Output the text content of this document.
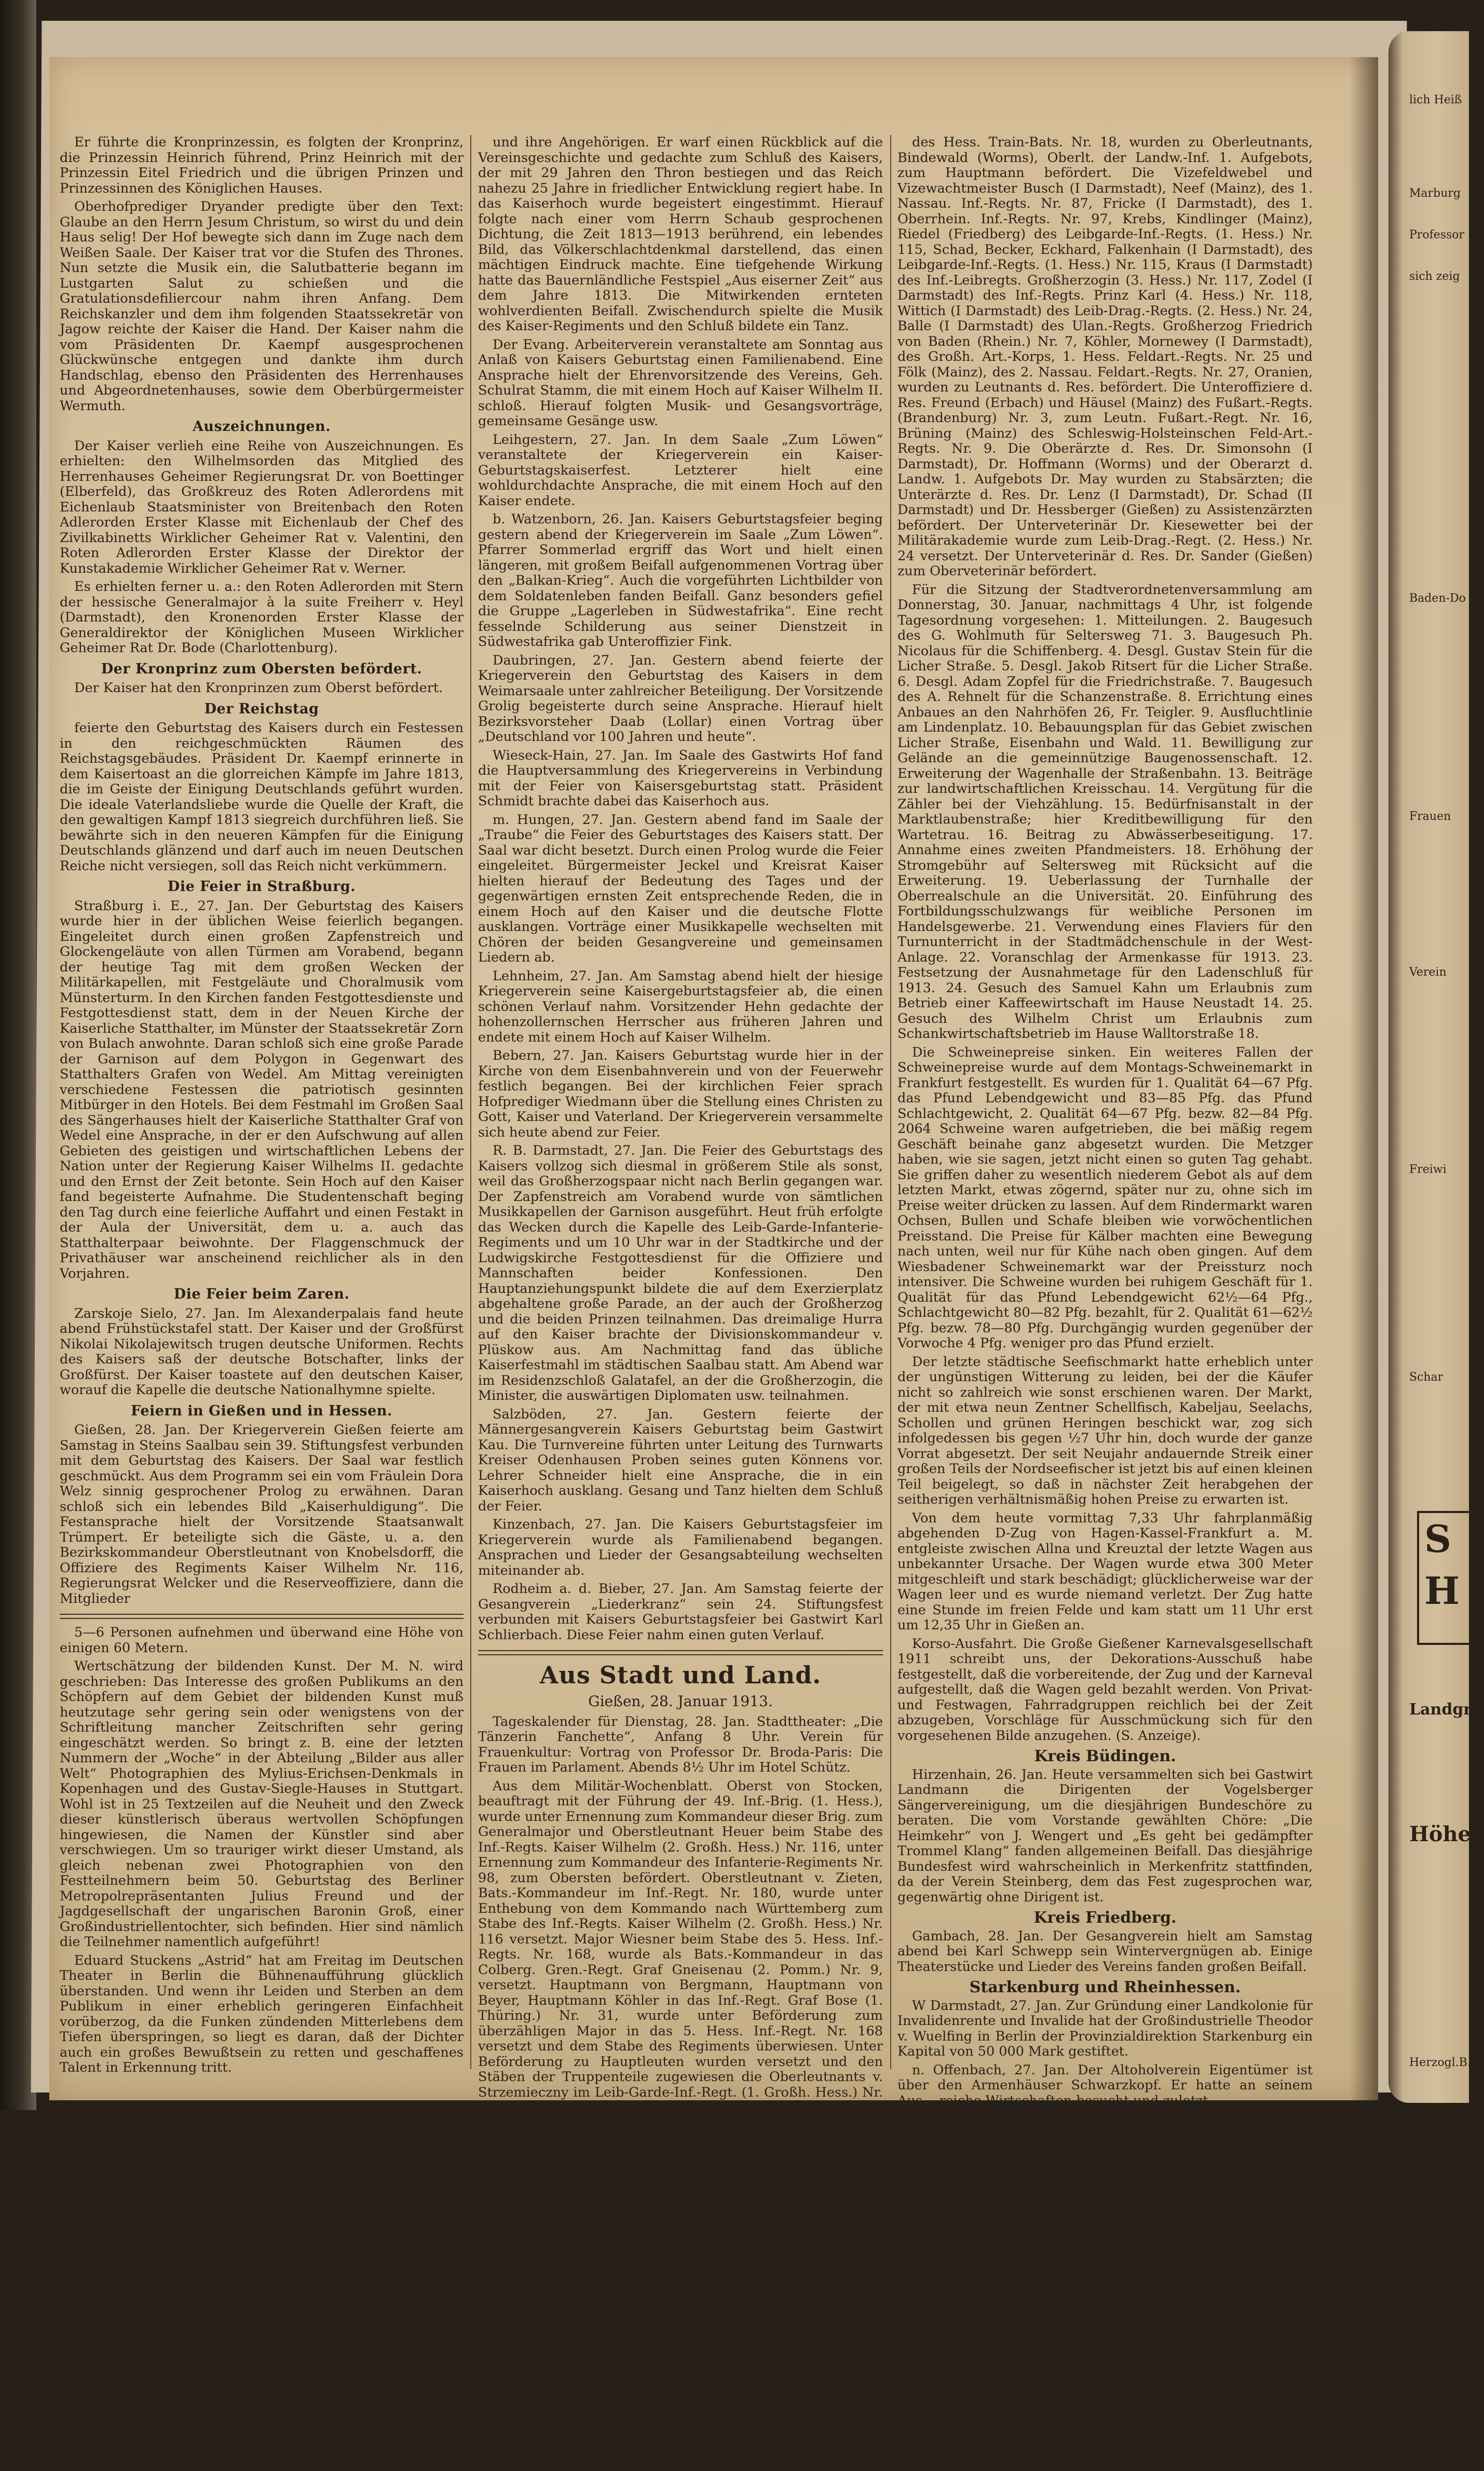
Er führte die Kronprinzessin, es folgten der Kronprinz, die Prinzessin Heinrich führend, Prinz Heinrich mit der Prinzessin Eitel Friedrich und die übrigen Prinzen und Prinzessinnen des Königlichen Hauses.

Oberhofprediger Dryander predigte über den Text: Glaube an den Herrn Jesum Christum, so wirst du und dein Haus selig! Der Hof bewegte sich dann im Zuge nach dem Weißen Saale. Der Kaiser trat vor die Stufen des Thrones. Nun setzte die Musik ein, die Salutbatterie begann im Lustgarten Salut zu schießen und die Gratulationsdefiliercour nahm ihren Anfang. Dem Reichskanzler und dem ihm folgenden Staatssekretär von Jagow reichte der Kaiser die Hand. Der Kaiser nahm die vom Präsidenten Dr. Kaempf ausgesprochenen Glückwünsche entgegen und dankte ihm durch Handschlag, ebenso den Präsidenten des Herrenhauses und Abgeordnetenhauses, sowie dem Oberbürgermeister Wermuth.

Auszeichnungen.

Der Kaiser verlieh eine Reihe von Auszeichnungen. Es erhielten: den Wilhelmsorden das Mitglied des Herrenhauses Geheimer Regierungsrat Dr. von Boettinger (Elberfeld), das Großkreuz des Roten Adlerordens mit Eichenlaub Staatsminister von Breitenbach den Roten Adlerorden Erster Klasse mit Eichenlaub der Chef des Zivilkabinetts Wirklicher Geheimer Rat v. Valentini, den Roten Adlerorden Erster Klasse der Direktor der Kunstakademie Wirklicher Geheimer Rat v. Werner.

Es erhielten ferner u. a.: den Roten Adlerorden mit Stern der hessische Generalmajor à la suite Freiherr v. Heyl (Darmstadt), den Kronenorden Erster Klasse der Generaldirektor der Königlichen Museen Wirklicher Geheimer Rat Dr. Bode (Charlottenburg).

Der Kronprinz zum Obersten befördert.

Der Kaiser hat den Kronprinzen zum Oberst befördert.

Der Reichstag

feierte den Geburtstag des Kaisers durch ein Festessen in den reichgeschmückten Räumen des Reichstagsgebäudes. Präsident Dr. Kaempf erinnerte in dem Kaisertoast an die glorreichen Kämpfe im Jahre 1813, die im Geiste der Einigung Deutschlands geführt wurden. Die ideale Vaterlandsliebe wurde die Quelle der Kraft, die den gewaltigen Kampf 1813 siegreich durchführen ließ. Sie bewährte sich in den neueren Kämpfen für die Einigung Deutschlands glänzend und darf auch im neuen Deutschen Reiche nicht versiegen, soll das Reich nicht verkümmern.

Die Feier in Straßburg.

Straßburg i. E., 27. Jan. Der Geburtstag des Kaisers wurde hier in der üblichen Weise feierlich begangen. Eingeleitet durch einen großen Zapfenstreich und Glockengeläute von allen Türmen am Vorabend, begann der heutige Tag mit dem großen Wecken der Militärkapellen, mit Festgeläute und Choralmusik vom Münsterturm. In den Kirchen fanden Festgottesdienste und Festgottesdienst statt, dem in der Neuen Kirche der Kaiserliche Statthalter, im Münster der Staatssekretär Zorn von Bulach anwohnte. Daran schloß sich eine große Parade der Garnison auf dem Polygon in Gegenwart des Statthalters Grafen von Wedel. Am Mittag vereinigten verschiedene Festessen die patriotisch gesinnten Mitbürger in den Hotels. Bei dem Festmahl im Großen Saal des Sängerhauses hielt der Kaiserliche Statthalter Graf von Wedel eine Ansprache, in der er den Aufschwung auf allen Gebieten des geistigen und wirtschaftlichen Lebens der Nation unter der Regierung Kaiser Wilhelms II. gedachte und den Ernst der Zeit betonte. Sein Hoch auf den Kaiser fand begeisterte Aufnahme. Die Studentenschaft beging den Tag durch eine feierliche Auffahrt und einen Festakt in der Aula der Universität, dem u. a. auch das Statthalterpaar beiwohnte. Der Flaggenschmuck der Privathäuser war anscheinend reichlicher als in den Vorjahren.

Die Feier beim Zaren.

Zarskoje Sielo, 27. Jan. Im Alexanderpalais fand heute abend Frühstückstafel statt. Der Kaiser und der Großfürst Nikolai Nikolajewitsch trugen deutsche Uniformen. Rechts des Kaisers saß der deutsche Botschafter, links der Großfürst. Der Kaiser toastete auf den deutschen Kaiser, worauf die Kapelle die deutsche Nationalhymne spielte.

Feiern in Gießen und in Hessen.

Gießen, 28. Jan. Der Kriegerverein Gießen feierte am Samstag in Steins Saalbau sein 39. Stiftungsfest verbunden mit dem Geburtstag des Kaisers. Der Saal war festlich geschmückt. Aus dem Programm sei ein vom Fräulein Dora Welz sinnig gesprochener Prolog zu erwähnen. Daran schloß sich ein lebendes Bild „Kaiserhuldigung“. Die Festansprache hielt der Vorsitzende Staatsanwalt Trümpert. Er beteiligte sich die Gäste, u. a. den Bezirkskommandeur Oberstleutnant von Knobelsdorff, die Offiziere des Regiments Kaiser Wilhelm Nr. 116, Regierungsrat Welcker und die Reserveoffiziere, dann die Mitglieder

5—6 Personen aufnehmen und überwand eine Höhe von einigen 60 Metern.

Wertschätzung der bildenden Kunst. Der M. N. wird geschrieben: Das Interesse des großen Publikums an den Schöpfern auf dem Gebiet der bildenden Kunst muß heutzutage sehr gering sein oder wenigstens von der Schriftleitung mancher Zeitschriften sehr gering eingeschätzt werden. So bringt z. B. eine der letzten Nummern der „Woche“ in der Abteilung „Bilder aus aller Welt“ Photographien des Mylius-Erichsen-Denkmals in Kopenhagen und des Gustav-Siegle-Hauses in Stuttgart. Wohl ist in 25 Textzeilen auf die Neuheit und den Zweck dieser künstlerisch überaus wertvollen Schöpfungen hingewiesen, die Namen der Künstler sind aber verschwiegen. Um so trauriger wirkt dieser Umstand, als gleich nebenan zwei Photographien von den Festteilnehmern beim 50. Geburtstag des Berliner Metropolrepräsentanten Julius Freund und der Jagdgesellschaft der ungarischen Baronin Groß, einer Großindustriellentochter, sich befinden. Hier sind nämlich die Teilnehmer namentlich aufgeführt!

Eduard Stuckens „Astrid“ hat am Freitag im Deutschen Theater in Berlin die Bühnenaufführung glücklich überstanden. Und wenn ihr Leiden und Sterben an dem Publikum in einer erheblich geringeren Einfachheit vorüberzog, da die Funken zündenden Mitterlebens dem Tiefen überspringen, so liegt es daran, daß der Dichter auch ein großes Bewußtsein zu retten und geschaffenes Talent in Erkennung tritt.

und ihre Angehörigen. Er warf einen Rückblick auf die Vereinsgeschichte und gedachte zum Schluß des Kaisers, der mit 29 Jahren den Thron bestiegen und das Reich nahezu 25 Jahre in friedlicher Entwicklung regiert habe. In das Kaiserhoch wurde begeistert eingestimmt. Hierauf folgte nach einer vom Herrn Schaub gesprochenen Dichtung, die Zeit 1813—1913 berührend, ein lebendes Bild, das Völkerschlachtdenkmal darstellend, das einen mächtigen Eindruck machte. Eine tiefgehende Wirkung hatte das Bauernländliche Festspiel „Aus eiserner Zeit“ aus dem Jahre 1813. Die Mitwirkenden ernteten wohlverdienten Beifall. Zwischendurch spielte die Musik des Kaiser-Regiments und den Schluß bildete ein Tanz.

Der Evang. Arbeiterverein veranstaltete am Sonntag aus Anlaß von Kaisers Geburtstag einen Familienabend. Eine Ansprache hielt der Ehrenvorsitzende des Vereins, Geh. Schulrat Stamm, die mit einem Hoch auf Kaiser Wilhelm II. schloß. Hierauf folgten Musik- und Gesangsvorträge, gemeinsame Gesänge usw.

Leihgestern, 27. Jan. In dem Saale „Zum Löwen“ veranstaltete der Kriegerverein ein Kaiser-Geburtstagskaiserfest. Letzterer hielt eine wohldurchdachte Ansprache, die mit einem Hoch auf den Kaiser endete.

b. Watzenborn, 26. Jan. Kaisers Geburtstagsfeier beging gestern abend der Kriegerverein im Saale „Zum Löwen“. Pfarrer Sommerlad ergriff das Wort und hielt einen längeren, mit großem Beifall aufgenommenen Vortrag über den „Balkan-Krieg“. Auch die vorgeführten Lichtbilder von dem Soldatenleben fanden Beifall. Ganz besonders gefiel die Gruppe „Lagerleben in Südwestafrika“. Eine recht fesselnde Schilderung aus seiner Dienstzeit in Südwestafrika gab Unteroffizier Fink.

Daubringen, 27. Jan. Gestern abend feierte der Kriegerverein den Geburtstag des Kaisers in dem Weimarsaale unter zahlreicher Beteiligung. Der Vorsitzende Grolig begeisterte durch seine Ansprache. Hierauf hielt Bezirksvorsteher Daab (Lollar) einen Vortrag über „Deutschland vor 100 Jahren und heute“.

Wieseck-Hain, 27. Jan. Im Saale des Gastwirts Hof fand die Hauptversammlung des Kriegervereins in Verbindung mit der Feier von Kaisersgeburtstag statt. Präsident Schmidt brachte dabei das Kaiserhoch aus.

m. Hungen, 27. Jan. Gestern abend fand im Saale der „Traube“ die Feier des Geburtstages des Kaisers statt. Der Saal war dicht besetzt. Durch einen Prolog wurde die Feier eingeleitet. Bürgermeister Jeckel und Kreisrat Kaiser hielten hierauf der Bedeutung des Tages und der gegenwärtigen ernsten Zeit entsprechende Reden, die in einem Hoch auf den Kaiser und die deutsche Flotte ausklangen. Vorträge einer Musikkapelle wechselten mit Chören der beiden Gesangvereine und gemeinsamen Liedern ab.

Lehnheim, 27. Jan. Am Samstag abend hielt der hiesige Kriegerverein seine Kaisergeburtstagsfeier ab, die einen schönen Verlauf nahm. Vorsitzender Hehn gedachte der hohenzollernschen Herrscher aus früheren Jahren und endete mit einem Hoch auf Kaiser Wilhelm.

Bebern, 27. Jan. Kaisers Geburtstag wurde hier in der Kirche von dem Eisenbahnverein und von der Feuerwehr festlich begangen. Bei der kirchlichen Feier sprach Hofprediger Wiedmann über die Stellung eines Christen zu Gott, Kaiser und Vaterland. Der Kriegerverein versammelte sich heute abend zur Feier.

R. B. Darmstadt, 27. Jan. Die Feier des Geburtstags des Kaisers vollzog sich diesmal in größerem Stile als sonst, weil das Großherzogspaar nicht nach Berlin gegangen war. Der Zapfenstreich am Vorabend wurde von sämtlichen Musikkapellen der Garnison ausgeführt. Heut früh erfolgte das Wecken durch die Kapelle des Leib-Garde-Infanterie-Regiments und um 10 Uhr war in der Stadtkirche und der Ludwigskirche Festgottesdienst für die Offiziere und Mannschaften beider Konfessionen. Den Hauptanziehungspunkt bildete die auf dem Exerzierplatz abgehaltene große Parade, an der auch der Großherzog und die beiden Prinzen teilnahmen. Das dreimalige Hurra auf den Kaiser brachte der Divisionskommandeur v. Plüskow aus. Am Nachmittag fand das übliche Kaiserfestmahl im städtischen Saalbau statt. Am Abend war im Residenzschloß Galatafel, an der die Großherzogin, die Minister, die auswärtigen Diplomaten usw. teilnahmen.

Salzböden, 27. Jan. Gestern feierte der Männergesangverein Kaisers Geburtstag beim Gastwirt Kau. Die Turnvereine führten unter Leitung des Turnwarts Kreiser Odenhausen Proben seines guten Könnens vor. Lehrer Schneider hielt eine Ansprache, die in ein Kaiserhoch ausklang. Gesang und Tanz hielten dem Schluß der Feier.

Kinzenbach, 27. Jan. Die Kaisers Geburtstagsfeier im Kriegerverein wurde als Familienabend begangen. Ansprachen und Lieder der Gesangsabteilung wechselten miteinander ab.

Rodheim a. d. Bieber, 27. Jan. Am Samstag feierte der Gesangverein „Liederkranz“ sein 24. Stiftungsfest verbunden mit Kaisers Geburtstagsfeier bei Gastwirt Karl Schlierbach. Diese Feier nahm einen guten Verlauf.

Aus Stadt und Land.
Gießen, 28. Januar 1913.

Tageskalender für Dienstag, 28. Jan. Stadttheater: „Die Tänzerin Fanchette“, Anfang 8 Uhr. Verein für Frauenkultur: Vortrag von Professor Dr. Broda-Paris: Die Frauen im Parlament. Abends 8½ Uhr im Hotel Schütz.

Aus dem Militär-Wochenblatt. Oberst von Stocken, beauftragt mit der Führung der 49. Inf.-Brig. (1. Hess.), wurde unter Ernennung zum Kommandeur dieser Brig. zum Generalmajor und Oberstleutnant Heuer beim Stabe des Inf.-Regts. Kaiser Wilhelm (2. Großh. Hess.) Nr. 116, unter Ernennung zum Kommandeur des Infanterie-Regiments Nr. 98, zum Obersten befördert. Oberstleutnant v. Zieten, Bats.-Kommandeur im Inf.-Regt. Nr. 180, wurde unter Enthebung von dem Kommando nach Württemberg zum Stabe des Inf.-Regts. Kaiser Wilhelm (2. Großh. Hess.) Nr. 116 versetzt. Major Wiesner beim Stabe des 5. Hess. Inf.-Regts. Nr. 168, wurde als Bats.-Kommandeur in das Colberg. Gren.-Regt. Graf Gneisenau (2. Pomm.) Nr. 9, versetzt. Hauptmann von Bergmann, Hauptmann von Beyer, Hauptmann Köhler in das Inf.-Regt. Graf Bose (1. Thüring.) Nr. 31, wurde unter Beförderung zum überzähligen Major in das 5. Hess. Inf.-Regt. Nr. 168 versetzt und dem Stabe des Regiments überwiesen. Unter Beförderung zu Hauptleuten wurden versetzt und den Stäben der Truppenteile zugewiesen die Oberleutnants v. Strzemieczny im Leib-Garde-Inf.-Regt. (1. Großh. Hess.) Nr. 115, in das 6. Unter-Elsäss. Inf.-Regt. Nr. 143, Beckert im Inf.-Regt. Prinz Carl (4. Großh. Hess.) Nr. 118, in das 2. Lothring. Inf.-Regt. Nr. 131. Leutnant von Rode im Inf.-Leibregt. Großherzogin (3. Großh. Hess.) Nr. 117, wurde in das Leibgarde-Inf.-Regt. Nr. 115 versetzt.

Heinrich Nr. 116, Kommando zur Dienstleistung beim Reichs-Kolonialamt, wurde zum überzähligen Hauptmann befördert. Die Fähnriche Brandholz im Inf.-Regt. Prinz Carl (4. Großh. Hess.) Nr. 118, dieser unter Versetzung in das 5. Rhein. Inf.-Regt. Nr. 65, und Gauch im Inf.-Regt. Prinz Carl (4. Großh. Hess.) Nr. 118, wurden zu Leutnants mit Patent vom 29. Januar 1911, die Fähnriche Büttner im Inf.-Regt. Prinz Carl (4. Großh. Hess.) Nr. 118, Storch im Garde-Drag.-Regt. (1. Großh. Hess.) Nr. 23 zu Leutnants und Unteroffizier Dreil im Inf.-Leibregt. Großherzogin (3. Großh. Hess.) Nr. 117, zum Fähnrich befördert. Die Vizefeldwebel Wesenberg im Leib-Garde-Inf.-Regt. (1. Großh. Hess.) Nr. 115, Richmann (1. Köln), des Leibgarde-Inf.-Regts. (1. Hess.) Nr. 115, Wester (Andernach), des Inf.-Regts. Kaiser Wilhelm Nr. 116, und Knöhr (II Hamburg), des Garde-Drag.-Regts. wurden zu Leutnants d. Res. Knöhr (II Hamburg), des Garde-Drag.-Regts. (1. Hess.) Nr. 23, Andreae (Frankfurt a. M.) des Garde-Drag.-Regts. (1. Hess.) Nr. 23, Reiß, Leuchs (Frankfurt a. M.)

des Hess. Train-Bats. Nr. 18, wurden zu Oberleutnants, Bindewald (Worms), Oberlt. der Landw.-Inf. 1. Aufgebots, zum Hauptmann befördert. Die Vizefeldwebel und Vizewachtmeister Busch (I Darmstadt), Neef (Mainz), des 1. Nassau. Inf.-Regts. Nr. 87, Fricke (I Darmstadt), des 1. Oberrhein. Inf.-Regts. Nr. 97, Krebs, Kindlinger (Mainz), Riedel (Friedberg) des Leibgarde-Inf.-Regts. (1. Hess.) Nr. 115, Schad, Becker, Eckhard, Falkenhain (I Darmstadt), des Leibgarde-Inf.-Regts. (1. Hess.) Nr. 115, Kraus (I Darmstadt) des Inf.-Leibregts. Großherzogin (3. Hess.) Nr. 117, Zodel (I Darmstadt) des Inf.-Regts. Prinz Karl (4. Hess.) Nr. 118, Wittich (I Darmstadt) des Leib-Drag.-Regts. (2. Hess.) Nr. 24, Balle (I Darmstadt) des Ulan.-Regts. Großherzog Friedrich von Baden (Rhein.) Nr. 7, Köhler, Mornewey (I Darmstadt), des Großh. Art.-Korps, 1. Hess. Feldart.-Regts. Nr. 25 und Fölk (Mainz), des 2. Nassau. Feldart.-Regts. Nr. 27, Oranien, wurden zu Leutnants d. Res. befördert. Die Unteroffiziere d. Res. Freund (Erbach) und Häusel (Mainz) des Fußart.-Regts. (Brandenburg) Nr. 3, zum Leutn. Fußart.-Regt. Nr. 16, Brüning (Mainz) des Schleswig-Holsteinschen Feld-Art.-Regts. Nr. 9. Die Oberärzte d. Res. Dr. Simonsohn (I Darmstadt), Dr. Hoffmann (Worms) und der Oberarzt d. Landw. 1. Aufgebots Dr. May wurden zu Stabsärzten; die Unterärzte d. Res. Dr. Lenz (I Darmstadt), Dr. Schad (II Darmstadt) und Dr. Hessberger (Gießen) zu Assistenzärzten befördert. Der Unterveterinär Dr. Kiesewetter bei der Militärakademie wurde zum Leib-Drag.-Regt. (2. Hess.) Nr. 24 versetzt. Der Unterveterinär d. Res. Dr. Sander (Gießen) zum Oberveterinär befördert.

Für die Sitzung der Stadtverordnetenversammlung am Donnerstag, 30. Januar, nachmittags 4 Uhr, ist folgende Tagesordnung vorgesehen: 1. Mitteilungen. 2. Baugesuch des G. Wohlmuth für Seltersweg 71. 3. Baugesuch Ph. Nicolaus für die Schiffenberg. 4. Desgl. Gustav Stein für die Licher Straße. 5. Desgl. Jakob Ritsert für die Licher Straße. 6. Desgl. Adam Zopfel für die Friedrichstraße. 7. Baugesuch des A. Rehnelt für die Schanzenstraße. 8. Errichtung eines Anbaues an den Nahrhöfen 26, Fr. Teigler. 9. Ausfluchtlinie am Lindenplatz. 10. Bebauungsplan für das Gebiet zwischen Licher Straße, Eisenbahn und Wald. 11. Bewilligung zur Gelände an die gemeinnützige Baugenossenschaft. 12. Erweiterung der Wagenhalle der Straßenbahn. 13. Beiträge zur landwirtschaftlichen Kreisschau. 14. Vergütung für die Zähler bei der Viehzählung. 15. Bedürfnisanstalt in der Marktlaubenstraße; hier Kreditbewilligung für den Wartetrau. 16. Beitrag zu Abwässerbeseitigung. 17. Annahme eines zweiten Pfandmeisters. 18. Erhöhung der Stromgebühr auf Seltersweg mit Rücksicht auf die Erweiterung. 19. Ueberlassung der Turnhalle der Oberrealschule an die Universität. 20. Einführung des Fortbildungsschulzwangs für weibliche Personen im Handelsgewerbe. 21. Verwendung eines Flaviers für den Turnunterricht in der Stadtmädchenschule in der West-Anlage. 22. Voranschlag der Armenkasse für 1913. 23. Festsetzung der Ausnahmetage für den Ladenschluß für 1913. 24. Gesuch des Samuel Kahn um Erlaubnis zum Betrieb einer Kaffeewirtschaft im Hause Neustadt 14. 25. Gesuch des Wilhelm Christ um Erlaubnis zum Schankwirtschaftsbetrieb im Hause Walltorstraße 18.

Die Schweinepreise sinken. Ein weiteres Fallen der Schweinepreise wurde auf dem Montags-Schweinemarkt in Frankfurt festgestellt. Es wurden für 1. Qualität 64—67 Pfg. das Pfund Lebendgewicht und 83—85 Pfg. das Pfund Schlachtgewicht, 2. Qualität 64—67 Pfg. bezw. 82—84 Pfg. 2064 Schweine waren aufgetrieben, die bei mäßig regem Geschäft beinahe ganz abgesetzt wurden. Die Metzger haben, wie sie sagen, jetzt nicht einen so guten Tag gehabt. Sie griffen daher zu wesentlich niederem Gebot als auf dem letzten Markt, etwas zögernd, später nur zu, ohne sich im Preise weiter drücken zu lassen. Auf dem Rindermarkt waren Ochsen, Bullen und Schafe bleiben wie vorwöchentlichen Preisstand. Die Preise für Kälber machten eine Bewegung nach unten, weil nur für Kühe nach oben gingen. Auf dem Wiesbadener Schweinemarkt war der Preissturz noch intensiver. Die Schweine wurden bei ruhigem Geschäft für 1. Qualität für das Pfund Lebendgewicht 62½—64 Pfg., Schlachtgewicht 80—82 Pfg. bezahlt, für 2. Qualität 61—62½ Pfg. bezw. 78—80 Pfg. Durchgängig wurden gegenüber der Vorwoche 4 Pfg. weniger pro das Pfund erzielt.

Der letzte städtische Seefischmarkt hatte erheblich unter der ungünstigen Witterung zu leiden, bei der die Käufer nicht so zahlreich wie sonst erschienen waren. Der Markt, der mit etwa neun Zentner Schellfisch, Kabeljau, Seelachs, Schollen und grünen Heringen beschickt war, zog sich infolgedessen bis gegen ½7 Uhr hin, doch wurde der ganze Vorrat abgesetzt. Der seit Neujahr andauernde Streik einer großen Teils der Nordseefischer ist jetzt bis auf einen kleinen Teil beigelegt, so daß in nächster Zeit herabgehen der seitherigen verhältnismäßig hohen Preise zu erwarten ist.

Von dem heute vormittag 7,33 Uhr fahrplanmäßig abgehenden D-Zug von Hagen-Kassel-Frankfurt a. M. entgleiste zwischen Allna und Kreuztal der letzte Wagen aus unbekannter Ursache. Der Wagen wurde etwa 300 Meter mitgeschleift und stark beschädigt; glücklicherweise war der Wagen leer und es wurde niemand verletzt. Der Zug hatte eine Stunde im freien Felde und kam statt um 11 Uhr erst um 12,35 Uhr in Gießen an.

Korso-Ausfahrt. Die Große Gießener Karnevalsgesellschaft 1911 schreibt uns, der Dekorations-Ausschuß habe festgestellt, daß die vorbereitende, der Zug und der Karneval aufgestellt, daß die Wagen geld bezahlt werden. Von Privat- und Festwagen, Fahrradgruppen reichlich bei der Zeit abzugeben, Vorschläge für Ausschmückung sich für den vorgesehenen Bilde anzugehen. (S. Anzeige).

Kreis Büdingen.

Hirzenhain, 26. Jan. Heute versammelten sich bei Gastwirt Landmann die Dirigenten der Vogelsberger Sängervereinigung, um die diesjährigen Bundeschöre zu beraten. Die vom Vorstande gewählten Chöre: „Die Heimkehr“ von J. Wengert und „Es geht bei gedämpfter Trommel Klang“ fanden allgemeinen Beifall. Das diesjährige Bundesfest wird wahrscheinlich in Merkenfritz stattfinden, da der Verein Steinberg, dem das Fest zugesprochen war, gegenwärtig ohne Dirigent ist.

Kreis Friedberg.

Gambach, 28. Jan. Der Gesangverein hielt am Samstag abend bei Karl Schwepp sein Wintervergnügen ab. Einige Theaterstücke und Lieder des Vereins fanden großen Beifall.

Starkenburg und Rheinhessen.

W Darmstadt, 27. Jan. Zur Gründung einer Landkolonie für Invalidenrente und Invalide hat der Großindustrielle Theodor v. Wuelfing in Berlin der Provinzialdirektion Starkenburg ein Kapital von 50 000 Mark gestiftet.

n. Offenbach, 27. Jan. Der Altoholverein Eigentümer ist über den Armenhäuser Schwarzkopf. Er hatte an seinem Aus... reiche Wirtschaften besucht und zuletzt

lich Heiß
Marburg
Professor
sich zeig
Baden-Do
Frauen
Verein
Freiwi
Schar
S
H
Landgra
Höher
Herzogl.B.
